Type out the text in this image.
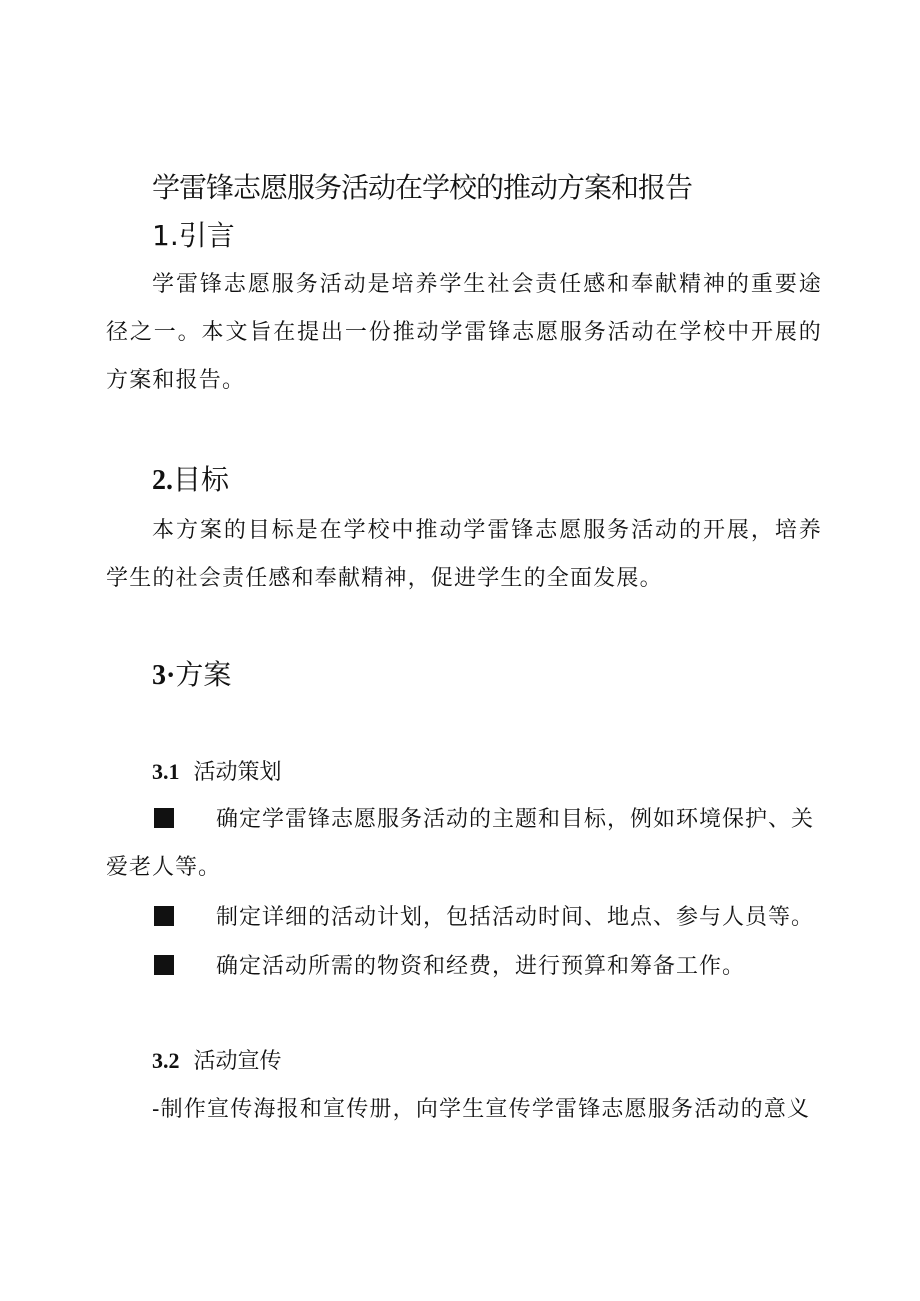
学雷锋志愿服务活动在学校的推动方案和报告
1.引言
学雷锋志愿服务活动是培养学生社会责任感和奉献精神的重要途径之一。本文旨在提出一份推动学雷锋志愿服务活动在学校中开展的方案和报告。
2.目标
本方案的目标是在学校中推动学雷锋志愿服务活动的开展，培养学生的社会责任感和奉献精神，促进学生的全面发展。
3·方案
3.1 活动策划
确定学雷锋志愿服务活动的主题和目标，例如环境保护、关爱老人等。
制定详细的活动计划，包括活动时间、地点、参与人员等。
确定活动所需的物资和经费，进行预算和筹备工作。
3.2 活动宣传
-制作宣传海报和宣传册，向学生宣传学雷锋志愿服务活动的意义
